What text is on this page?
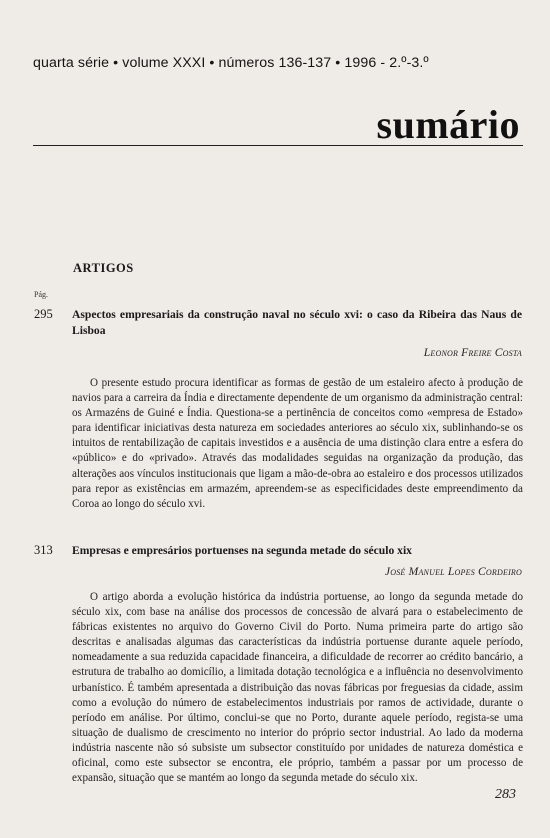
quarta série • volume XXXI • números 136-137 • 1996 - 2.º-3.º
sumário
ARTIGOS
Pág.
295 Aspectos empresariais da construção naval no século xvi: o caso da Ribeira das Naus de Lisboa
Leonor Freire Costa
O presente estudo procura identificar as formas de gestão de um estaleiro afecto à produção de navios para a carreira da Índia e directamente dependente de um organismo da administração central: os Armazéns de Guiné e Índia. Questiona-se a pertinência de conceitos como «empresa de Estado» para identificar iniciativas desta natureza em sociedades anteriores ao século xix, sublinhando-se os intuitos de rentabilização de capitais investidos e a ausência de uma distinção clara entre a esfera do «público» e do «privado». Através das modalidades seguidas na organização da produção, das alterações aos vínculos institucionais que ligam a mão-de-obra ao estaleiro e dos processos utilizados para repor as existências em armazém, apreendem-se as especificidades deste empreendimento da Coroa ao longo do século xvi.
313 Empresas e empresários portuenses na segunda metade do século xix
José Manuel Lopes Cordeiro
O artigo aborda a evolução histórica da indústria portuense, ao longo da segunda metade do século xix, com base na análise dos processos de concessão de alvará para o estabelecimento de fábricas existentes no arquivo do Governo Civil do Porto. Numa primeira parte do artigo são descritas e analisadas algumas das características da indústria portuense durante aquele período, nomeadamente a sua reduzida capacidade financeira, a dificuldade de recorrer ao crédito bancário, a estrutura de trabalho ao domicílio, a limitada dotação tecnológica e a influência no desenvolvimento urbanístico. É também apresentada a distribuição das novas fábricas por freguesias da cidade, assim como a evolução do número de estabelecimentos industriais por ramos de actividade, durante o período em análise. Por último, conclui-se que no Porto, durante aquele período, regista-se uma situação de dualismo de crescimento no interior do próprio sector industrial. Ao lado da moderna indústria nascente não só subsiste um subsector constituído por unidades de natureza doméstica e oficinal, como este subsector se encontra, ele próprio, também a passar por um processo de expansão, situação que se mantém ao longo da segunda metade do século xix.
283
